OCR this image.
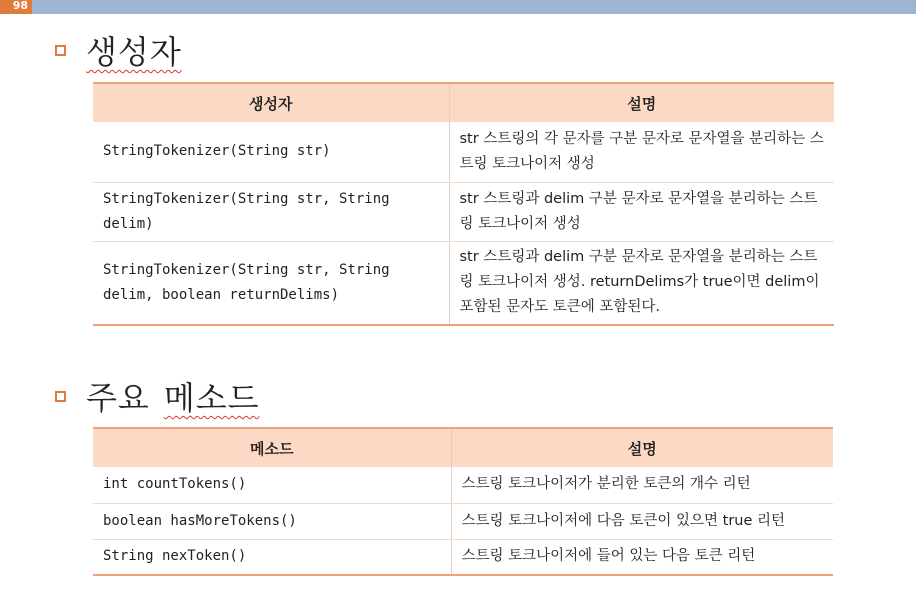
98
생성자
생성자	설명
StringTokenizer(String str)	str 스트링의 각 문자를 구분 문자로 문자열을 분리하는 스트링 토크나이저 생성
StringTokenizer(String str, String delim)	str 스트링과 delim 구분 문자로 문자열을 분리하는 스트링 토크나이저 생성
StringTokenizer(String str, String delim, boolean returnDelims)	str 스트링과 delim 구분 문자로 문자열을 분리하는 스트링 토크나이저 생성. returnDelims가 true이면 delim이 포함된 문자도 토큰에 포함된다.
주요 메소드
메소드	설명
int countTokens()	스트링 토크나이저가 분리한 토큰의 개수 리턴
boolean hasMoreTokens()	스트링 토크나이저에 다음 토큰이 있으면 true 리턴
String nexToken()	스트링 토크나이저에 들어 있는 다음 토큰 리턴
